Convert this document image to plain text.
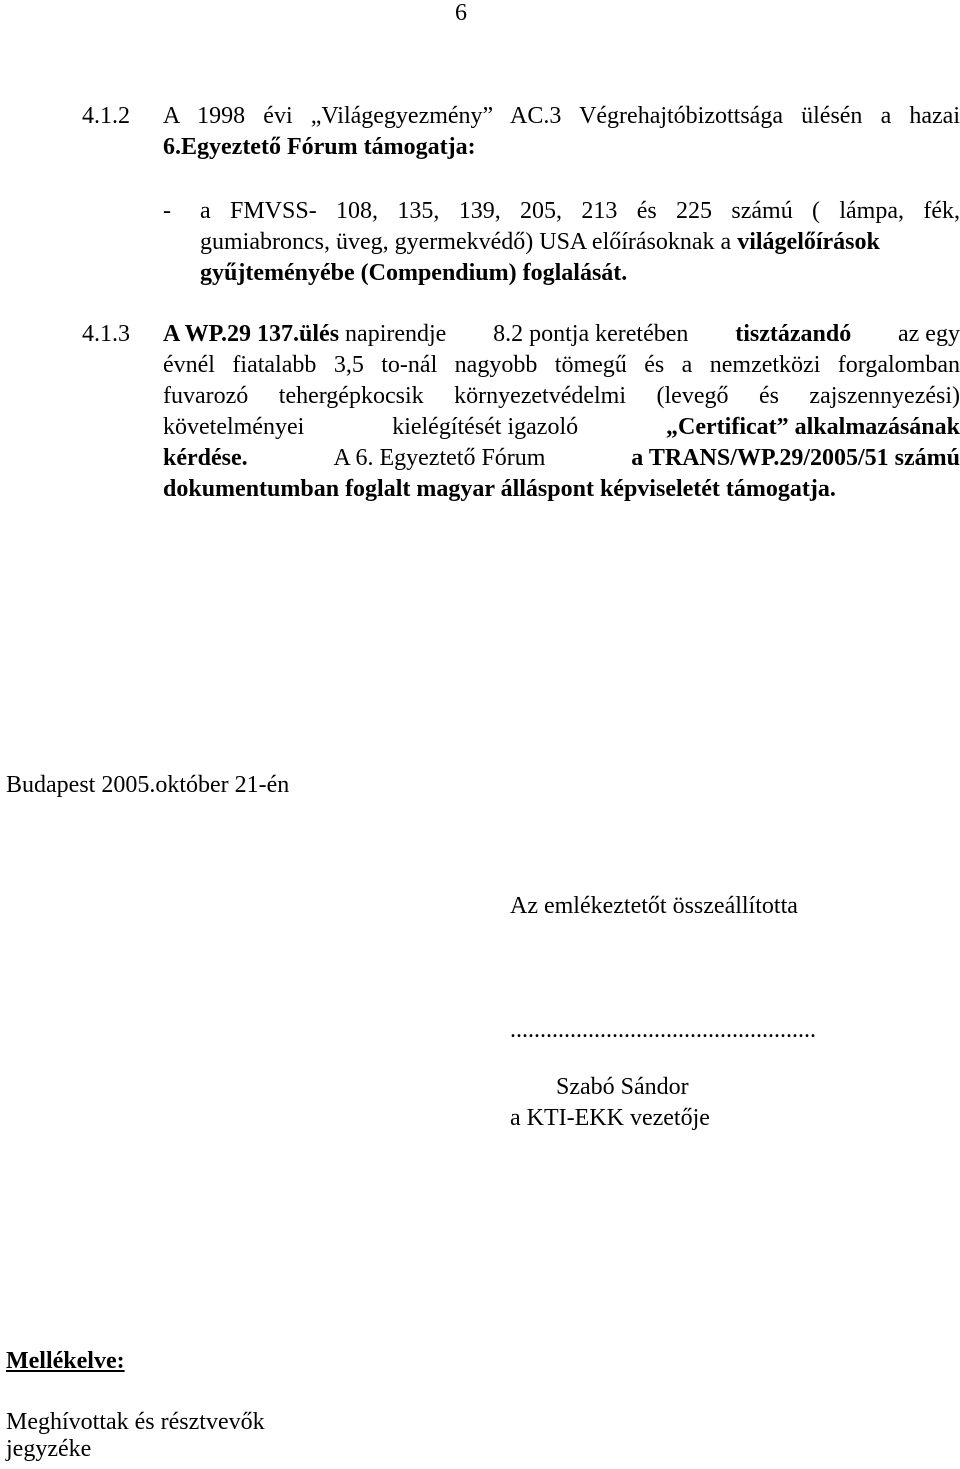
6
4.1.2 A 1998 évi „Világegyezmény” AC.3 Végrehajtóbizottsága ülésén a hazai
6.Egyeztető Fórum támogatja:
- a FMVSS- 108, 135, 139, 205, 213 és 225 számú ( lámpa, fék,
gumiabroncs, üveg, gyermekvédő) USA előírásoknak a világelőírások
gyűjteményébe (Compendium) foglalását.
4.1.3 A WP.29 137.ülés napirendje 8.2 pontja keretében tisztázandó az egy
évnél fiatalabb 3,5 to-nál nagyobb tömegű és a nemzetközi forgalomban
fuvarozó tehergépkocsik környezetvédelmi (levegő és zajszennyezési)
követelményei	kielégítését igazoló	„Certificat” alkalmazásának
kérdése.	A 6. Egyeztető Fórum	a TRANS/WP.29/2005/51 számú
dokumentumban foglalt magyar álláspont képviseletét támogatja.
Budapest 2005.október 21-én
Az emlékeztetőt összeállította
...................................................
Szabó Sándor
a KTI-EKK vezetője
Mellékelve:
Meghívottak és résztvevők
jegyzéke
